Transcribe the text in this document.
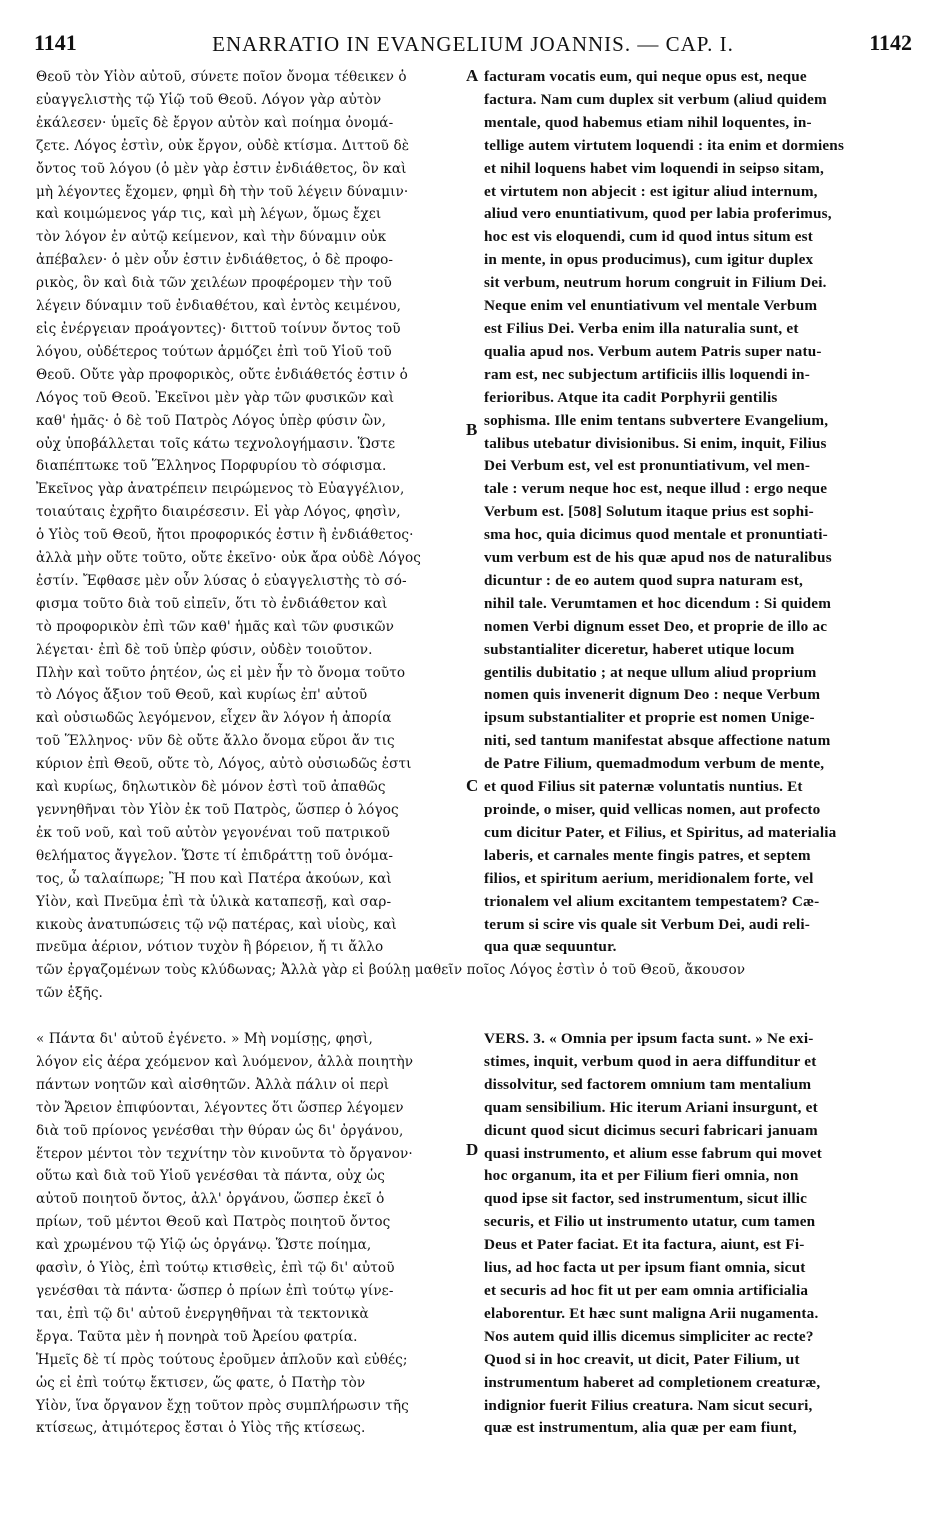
1141	ENARRATIO IN EVANGELIUM JOANNIS. — CAP. I.	1142
Θεοῦ τὸν Υἱὸν αὐτοῦ, σύνετε ποῖον ὄνομα τέθεικεν ὁ
εὐαγγελιστὴς τῷ Υἱῷ τοῦ Θεοῦ. Λόγον γὰρ αὐτὸν
ἐκάλεσεν· ὑμεῖς δὲ ἔργον αὐτὸν καὶ ποίημα ὀνομά-
ζετε. Λόγος ἐστὶν, οὐκ ἔργον, οὐδὲ κτίσμα. Διττοῦ δὲ
ὄντος τοῦ λόγου (ὁ μὲν γὰρ ἐστιν ἐνδιάθετος, ὃν καὶ
μὴ λέγοντες ἔχομεν, φημὶ δὴ τὴν τοῦ λέγειν δύναμιν·
καὶ κοιμώμενος γάρ τις, καὶ μὴ λέγων, ὅμως ἔχει
τὸν λόγον ἐν αὐτῷ κείμενον, καὶ τὴν δύναμιν οὐκ
ἀπέβαλεν· ὁ μὲν οὖν ἐστιν ἐνδιάθετος, ὁ δὲ προφο-
ρικὸς, ὃν καὶ διὰ τῶν χειλέων προφέρομεν τὴν τοῦ
λέγειν δύναμιν τοῦ ἐνδιαθέτου, καὶ ἐντὸς κειμένου,
εἰς ἐνέργειαν προάγοντες)· διττοῦ τοίνυν ὄντος τοῦ
λόγου, οὐδέτερος τούτων ἁρμόζει ἐπὶ τοῦ Υἱοῦ τοῦ
Θεοῦ. Οὔτε γὰρ προφορικὸς, οὔτε ἐνδιάθετός ἐστιν ὁ
Λόγος τοῦ Θεοῦ. Ἐκεῖνοι μὲν γὰρ τῶν φυσικῶν καὶ
καθ' ἡμᾶς· ὁ δὲ τοῦ Πατρὸς Λόγος ὑπὲρ φύσιν ὢν,
οὐχ ὑποβάλλεται τοῖς κάτω τεχνολογήμασιν. Ὥστε
διαπέπτωκε τοῦ Ἕλληνος Πορφυρίου τὸ σόφισμα.
Ἐκεῖνος γὰρ ἀνατρέπειν πειρώμενος τὸ Εὐαγγέλιον,
τοιαύταις ἐχρῆτο διαιρέσεσιν. Εἰ γὰρ Λόγος, φησὶν,
ὁ Υἱὸς τοῦ Θεοῦ, ἤτοι προφορικός ἐστιν ἢ ἐνδιάθετος·
ἀλλὰ μὴν οὔτε τοῦτο, οὔτε ἐκεῖνο· οὐκ ἄρα οὐδὲ Λόγος
ἐστίν. Ἔφθασε μὲν οὖν λύσας ὁ εὐαγγελιστὴς τὸ σό-
φισμα τοῦτο διὰ τοῦ εἰπεῖν, ὅτι τὸ ἐνδιάθετον καὶ
τὸ προφορικὸν ἐπὶ τῶν καθ' ἡμᾶς καὶ τῶν φυσικῶν
λέγεται· ἐπὶ δὲ τοῦ ὑπὲρ φύσιν, οὐδὲν τοιοῦτον.
Πλὴν καὶ τοῦτο ῥητέον, ὡς εἰ μὲν ἦν τὸ ὄνομα τοῦτο
τὸ Λόγος ἄξιον τοῦ Θεοῦ, καὶ κυρίως ἐπ' αὐτοῦ
καὶ οὐσιωδῶς λεγόμενον, εἶχεν ἂν λόγον ἡ ἀπορία
τοῦ Ἕλληνος· νῦν δὲ οὔτε ἄλλο ὄνομα εὕροι ἄν τις
κύριον ἐπὶ Θεοῦ, οὔτε τὸ, Λόγος, αὐτὸ οὐσιωδῶς ἐστι
καὶ κυρίως, δηλωτικὸν δὲ μόνον ἐστὶ τοῦ ἀπαθῶς
γεννηθῆναι τὸν Υἱὸν ἐκ τοῦ Πατρὸς, ὥσπερ ὁ λόγος
ἐκ τοῦ νοῦ, καὶ τοῦ αὐτὸν γεγονέναι τοῦ πατρικοῦ
θελήματος ἄγγελον. Ὥστε τί ἐπιδράττῃ τοῦ ὀνόμα-
τος, ὦ ταλαίπωρε; Ἢ που καὶ Πατέρα ἀκούων, καὶ
Υἱὸν, καὶ Πνεῦμα ἐπὶ τὰ ὑλικὰ καταπεσῇ, καὶ σαρ-
κικοὺς ἀνατυπώσεις τῷ νῷ πατέρας, καὶ υἱοὺς, καὶ
πνεῦμα ἀέριον, νότιον τυχὸν ἢ βόρειον, ἤ τι ἄλλο
τῶν ἐργαζομένων τοὺς κλύδωνας; Ἀλλὰ γὰρ εἰ βούλῃ μαθεῖν ποῖος Λόγος ἐστὶν ὁ τοῦ Θεοῦ, ἄκουσον
τῶν ἑξῆς.
« Πάντα δι' αὐτοῦ ἐγένετο. » Μὴ νομίσῃς, φησὶ,
λόγον εἰς ἀέρα χεόμενον καὶ λυόμενον, ἀλλὰ ποιητὴν
πάντων νοητῶν καὶ αἰσθητῶν. Ἀλλὰ πάλιν οἱ περὶ
τὸν Ἄρειον ἐπιφύονται, λέγοντες ὅτι ὥσπερ λέγομεν
διὰ τοῦ πρίονος γενέσθαι τὴν θύραν ὡς δι' ὀργάνου,
ἕτερον μέντοι τὸν τεχνίτην τὸν κινοῦντα τὸ ὄργανον·
οὕτω καὶ διὰ τοῦ Υἱοῦ γενέσθαι τὰ πάντα, οὐχ ὡς
αὐτοῦ ποιητοῦ ὄντος, ἀλλ' ὀργάνου, ὥσπερ ἐκεῖ ὁ
πρίων, τοῦ μέντοι Θεοῦ καὶ Πατρὸς ποιητοῦ ὄντος
καὶ χρωμένου τῷ Υἱῷ ὡς ὀργάνῳ. Ὥστε ποίημα,
φασὶν, ὁ Υἱὸς, ἐπὶ τούτῳ κτισθεὶς, ἐπὶ τῷ δι' αὐτοῦ
γενέσθαι τὰ πάντα· ὥσπερ ὁ πρίων ἐπὶ τούτῳ γίνε-
ται, ἐπὶ τῷ δι' αὐτοῦ ἐνεργηθῆναι τὰ τεκτονικὰ
ἔργα. Ταῦτα μὲν ἡ πονηρὰ τοῦ Ἀρείου φατρία.
Ἡμεῖς δὲ τί πρὸς τούτους ἐροῦμεν ἁπλοῦν καὶ εὐθές;
ὡς εἰ ἐπὶ τούτῳ ἔκτισεν, ὥς φατε, ὁ Πατὴρ τὸν
Υἱὸν, ἵνα ὄργανον ἔχῃ τοῦτον πρὸς συμπλήρωσιν τῆς
κτίσεως, ἀτιμότερος ἔσται ὁ Υἱὸς τῆς κτίσεως.
facturam vocatis eum, qui neque opus est, neque
factura. Nam cum duplex sit verbum (aliud quidem
mentale, quod habemus etiam nihil loquentes, in-
tellige autem virtutem loquendi : ita enim et dormiens
et nihil loquens habet vim loquendi in seipso sitam,
et virtutem non abjecit : est igitur aliud internum,
aliud vero enuntiativum, quod per labia proferimus,
hoc est vis eloquendi, cum id quod intus situm est
in mente, in opus producimus), cum igitur duplex
sit verbum, neutrum horum congruit in Filium Dei.
Neque enim vel enuntiativum vel mentale Verbum
est Filius Dei. Verba enim illa naturalia sunt, et
qualia apud nos. Verbum autem Patris super natu-
ram est, nec subjectum artificiis illis loquendi in-
ferioribus. Atque ita cadit Porphyrii gentilis
sophisma. Ille enim tentans subvertere Evangelium,
talibus utebatur divisionibus. Si enim, inquit, Filius
Dei Verbum est, vel est pronuntiativum, vel men-
tale : verum neque hoc est, neque illud : ergo neque
Verbum est. [508] Solutum itaque prius est sophi-
sma hoc, quia dicimus quod mentale et pronuntiati-
vum verbum est de his quæ apud nos de naturalibus
dicuntur : de eo autem quod supra naturam est,
nihil tale. Verumtamen et hoc dicendum : Si quidem
nomen Verbi dignum esset Deo, et proprie de illo ac
substantialiter diceretur, haberet utique locum
gentilis dubitatio ; at neque ullum aliud proprium
nomen quis invenerit dignum Deo : neque Verbum
ipsum substantialiter et proprie est nomen Unige-
niti, sed tantum manifestat absque affectione natum
de Patre Filium, quemadmodum verbum de mente,
et quod Filius sit paternæ voluntatis nuntius. Et
proinde, o miser, quid vellicas nomen, aut profecto
cum dicitur Pater, et Filius, et Spiritus, ad materialia
laberis, et carnales mente fingis patres, et septem
filios, et spiritum aerium, meridionalem forte, vel
trionalem vel alium excitantem tempestatem? Cæ-
terum si scire vis quale sit Verbum Dei, audi reli-
qua quæ sequuntur.
VERS. 3. « Omnia per ipsum facta sunt. » Ne exi-
stimes, inquit, verbum quod in aera diffunditur et
dissolvitur, sed factorem omnium tam mentalium
quam sensibilium. Hic iterum Ariani insurgunt, et
dicunt quod sicut dicimus securi fabricari januam
quasi instrumento, et alium esse fabrum qui movet
hoc organum, ita et per Filium fieri omnia, non
quod ipse sit factor, sed instrumentum, sicut illic
securis, et Filio ut instrumento utatur, cum tamen
Deus et Pater faciat. Et ita factura, aiunt, est Fi-
lius, ad hoc facta ut per ipsum fiant omnia, sicut
et securis ad hoc fit ut per eam omnia artificialia
elaborentur. Et hæc sunt maligna Arii nugamenta.
Nos autem quid illis dicemus simpliciter ac recte?
Quod si in hoc creavit, ut dicit, Pater Filium, ut
instrumentum haberet ad completionem creaturæ,
indignior fuerit Filius creatura. Nam sicut securi,
quæ est instrumentum, alia quæ per eam fiunt,
A
B
C
D
